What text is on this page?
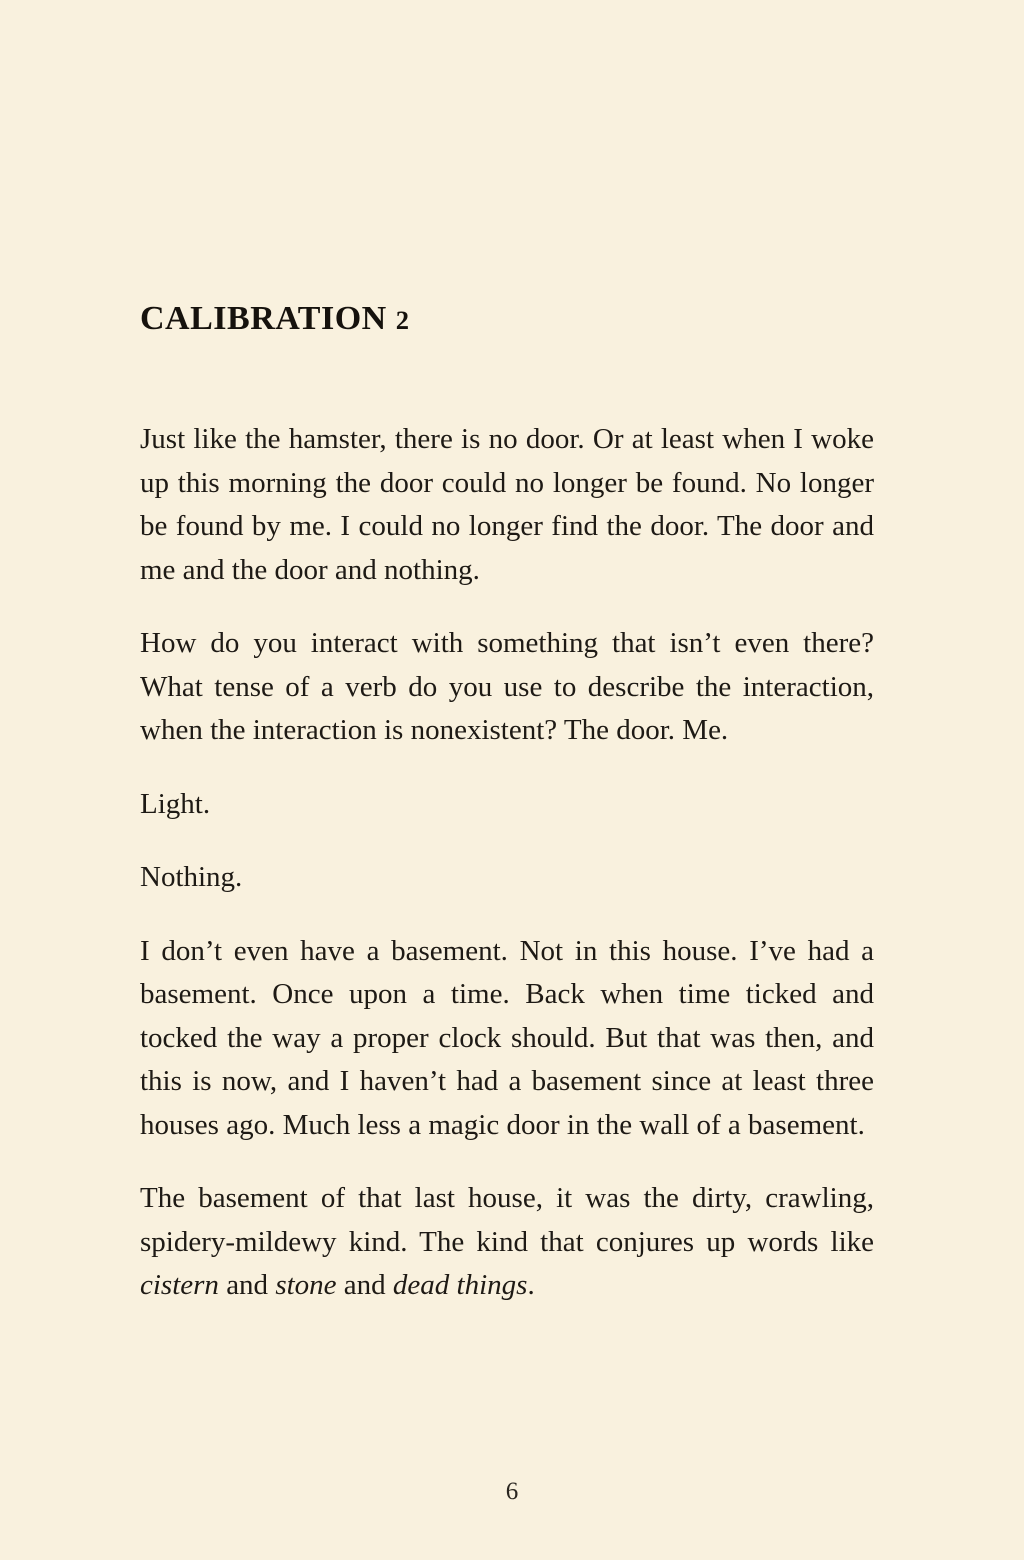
CALIBRATION 2

Just like the hamster, there is no door. Or at least when I woke up this morning the door could no longer be found. No longer be found by me. I could no longer find the door. The door and me and the door and nothing.

How do you interact with something that isn’t even there? What tense of a verb do you use to describe the interaction, when the interaction is nonexistent? The door. Me.

Light.

Nothing.

I don’t even have a basement. Not in this house. I’ve had a basement. Once upon a time. Back when time ticked and tocked the way a proper clock should. But that was then, and this is now, and I haven’t had a basement since at least three houses ago. Much less a magic door in the wall of a basement.

The basement of that last house, it was the dirty, crawling, spidery-mildewy kind. The kind that conjures up words like cistern and stone and dead things.

6
